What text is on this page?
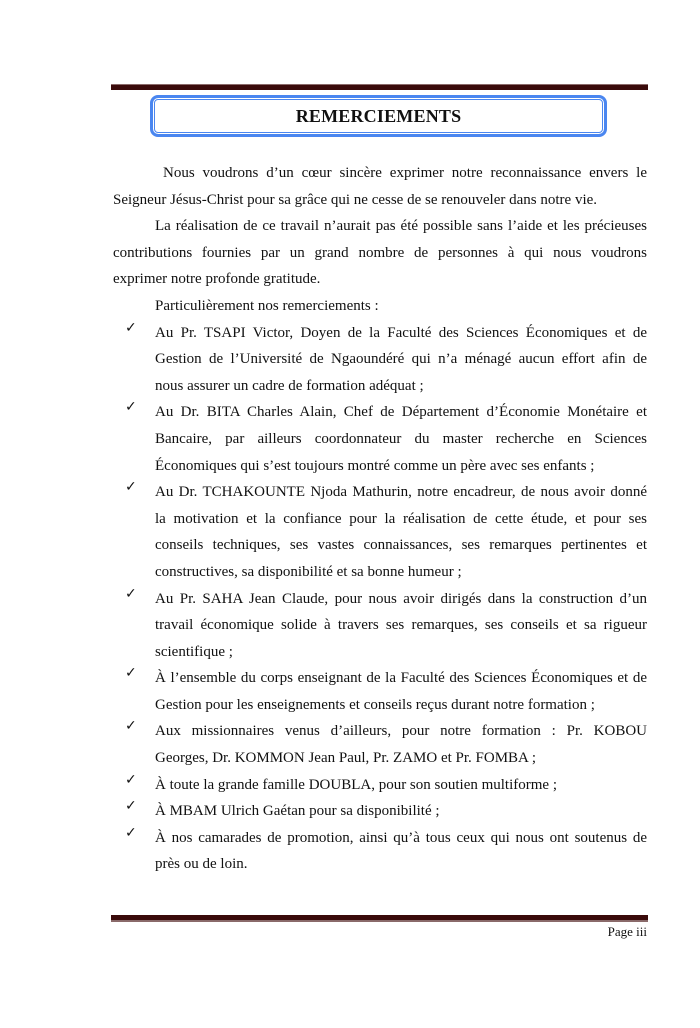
REMERCIEMENTS
Nous voudrons d’un cœur sincère exprimer notre reconnaissance envers le
Seigneur Jésus-Christ pour sa grâce qui ne cesse de se renouveler dans notre vie.
La réalisation de ce travail n’aurait pas été possible sans l’aide et les précieuses
contributions fournies par un grand nombre de personnes à qui nous voudrons
exprimer notre profonde gratitude.
Particulièrement nos remerciements :
✓ Au Pr. TSAPI Victor, Doyen de la Faculté des Sciences Économiques et de
Gestion de l’Université de Ngaoundéré qui n’a ménagé aucun effort afin de
nous assurer un cadre de formation adéquat ;
✓ Au Dr. BITA Charles Alain, Chef de Département d’Économie Monétaire et
Bancaire, par ailleurs coordonnateur du master recherche en Sciences
Économiques qui s’est toujours montré comme un père avec ses enfants ;
✓ Au Dr. TCHAKOUNTE Njoda Mathurin, notre encadreur, de nous avoir donné
la motivation et la confiance pour la réalisation de cette étude, et pour ses
conseils techniques, ses vastes connaissances, ses remarques pertinentes et
constructives, sa disponibilité et sa bonne humeur ;
✓ Au Pr. SAHA Jean Claude, pour nous avoir dirigés dans la construction d’un
travail économique solide à travers ses remarques, ses conseils et sa rigueur
scientifique ;
✓ À l’ensemble du corps enseignant de la Faculté des Sciences Économiques et de
Gestion pour les enseignements et conseils reçus durant notre formation ;
✓ Aux missionnaires venus d’ailleurs, pour notre formation : Pr. KOBOU
Georges, Dr. KOMMON Jean Paul, Pr. ZAMO et Pr. FOMBA ;
✓ À toute la grande famille DOUBLA, pour son soutien multiforme ;
✓ À MBAM Ulrich Gaétan pour sa disponibilité ;
✓ À nos camarades de promotion, ainsi qu’à tous ceux qui nous ont soutenus de
près ou de loin.
Page iii
